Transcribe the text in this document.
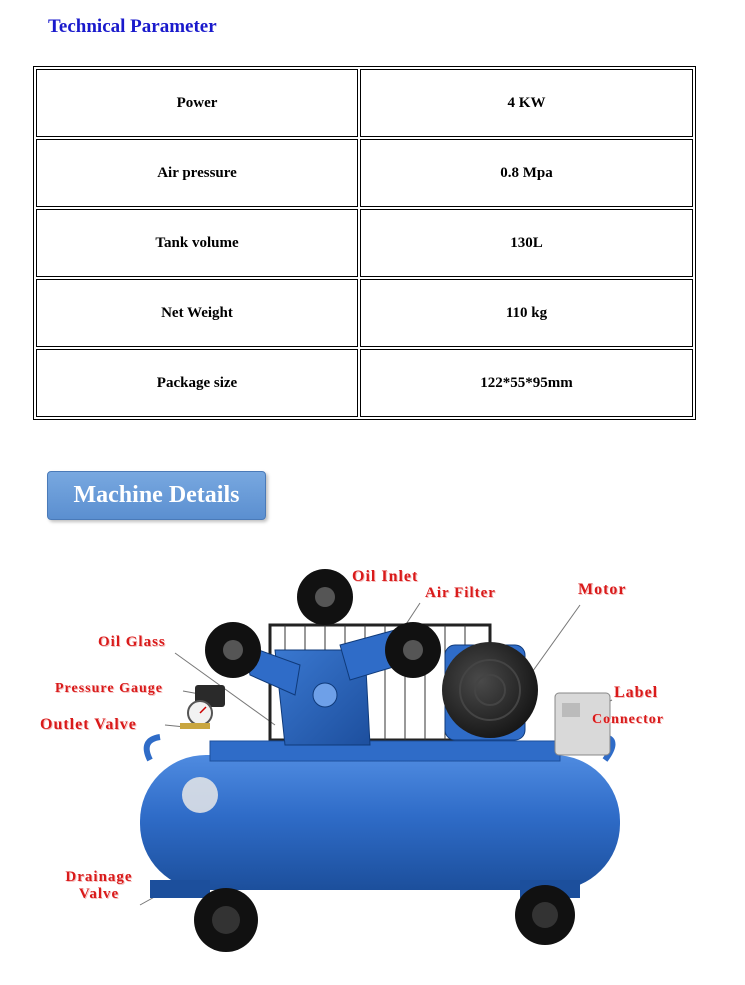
Technical Parameter
Power	4 KW
Air pressure	0.8 Mpa
Tank volume	130L
Net Weight	110 kg
Package size	122*55*95mm
Machine Details
Oil Inlet
Air Filter	Motor
Oil Glass
Pressure Gauge
Outlet Valve
Label
Connector
Drainage
Valve
